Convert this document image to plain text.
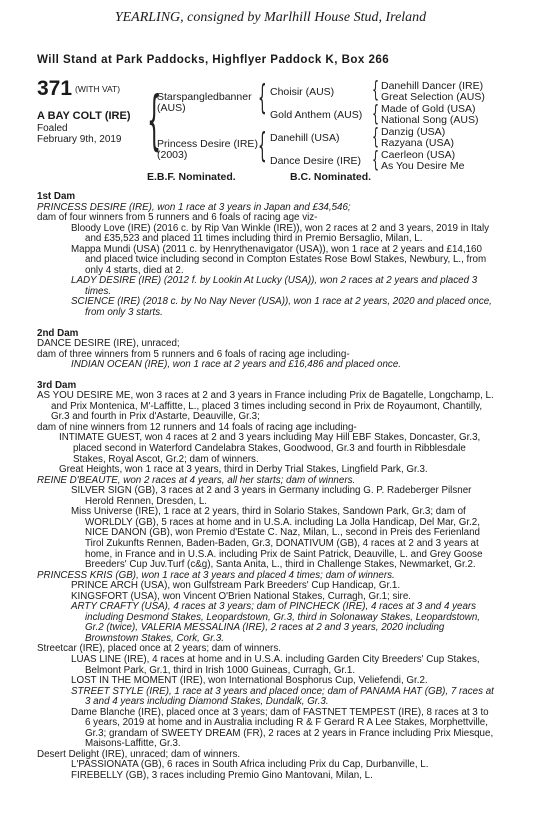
YEARLING, consigned by Marlhill House Stud, Ireland
Will Stand at Park Paddocks, Highflyer Paddock K, Box 266
371 (WITH VAT)
A BAY COLT (IRE)
Foaled
February 9th, 2019 {
Starspangledbanner
(AUS)
Princess Desire (IRE)
(2003)
{
{
Choisir (AUS)
Gold Anthem (AUS)
Danehill (USA)
Dance Desire (IRE)
{
{
{
{
Danehill Dancer (IRE)
Great Selection (AUS)
Made of Gold (USA)
National Song (AUS)
Danzig (USA)
Razyana (USA)
Caerleon (USA)
As You Desire Me
E.B.F. Nominated.	B.C. Nominated.

1st Dam

PRINCESS DESIRE (IRE), won 1 race at 3 years in Japan and £34,546;

dam of four winners from 5 runners and 6 foals of racing age viz-

Bloody Love (IRE) (2016 c. by Rip Van Winkle (IRE)), won 2 races at 2 and 3 years, 2019 in Italy and £35,523 and placed 11 times including third in Premio Bersaglio, Milan, L.

Mappa Mundi (USA) (2011 c. by Henrythenavigator (USA)), won 1 race at 2 years and £14,160 and placed twice including second in Compton Estates Rose Bowl Stakes, Newbury, L., from only 4 starts, died at 2.

LADY DESIRE (IRE) (2012 f. by Lookin At Lucky (USA)), won 2 races at 2 years and placed 3 times.

SCIENCE (IRE) (2018 c. by No Nay Never (USA)), won 1 race at 2 years, 2020 and placed once, from only 3 starts.

2nd Dam

DANCE DESIRE (IRE), unraced;

dam of three winners from 5 runners and 6 foals of racing age including-

INDIAN OCEAN (IRE), won 1 race at 2 years and £16,486 and placed once.

3rd Dam

AS YOU DESIRE ME, won 3 races at 2 and 3 years in France including Prix de Bagatelle, Longchamp, L. and Prix Montenica, M'-Laffitte, L., placed 3 times including second in Prix de Royaumont, Chantilly, Gr.3 and fourth in Prix d'Astarte, Deauville, Gr.3;

dam of nine winners from 12 runners and 14 foals of racing age including-

INTIMATE GUEST, won 4 races at 2 and 3 years including May Hill EBF Stakes, Doncaster, Gr.3, placed second in Waterford Candelabra Stakes, Goodwood, Gr.3 and fourth in Ribblesdale Stakes, Royal Ascot, Gr.2; dam of winners.

Great Heights, won 1 race at 3 years, third in Derby Trial Stakes, Lingfield Park, Gr.3.

REINE D'BEAUTE, won 2 races at 4 years, all her starts; dam of winners.

SILVER SIGN (GB), 3 races at 2 and 3 years in Germany including G. P. Radeberger Pilsner Herold Rennen, Dresden, L.

Miss Universe (IRE), 1 race at 2 years, third in Solario Stakes, Sandown Park, Gr.3; dam of WORLDLY (GB), 5 races at home and in U.S.A. including La Jolla Handicap, Del Mar, Gr.2, NICE DANON (GB), won Premio d'Estate C. Naz, Milan, L., second in Preis des Ferienland Tirol Zukunfts Rennen, Baden-Baden, Gr.3, DONATIVUM (GB), 4 races at 2 and 3 years at home, in France and in U.S.A. including Prix de Saint Patrick, Deauville, L. and Grey Goose Breeders' Cup Juv.Turf (c&g), Santa Anita, L., third in Challenge Stakes, Newmarket, Gr.2.

PRINCESS KRIS (GB), won 1 race at 3 years and placed 4 times; dam of winners.

PRINCE ARCH (USA), won Gulfstream Park Breeders' Cup Handicap, Gr.1.

KINGSFORT (USA), won Vincent O'Brien National Stakes, Curragh, Gr.1; sire.

ARTY CRAFTY (USA), 4 races at 3 years; dam of PINCHECK (IRE), 4 races at 3 and 4 years including Desmond Stakes, Leopardstown, Gr.3, third in Solonaway Stakes, Leopardstown, Gr.2 (twice), VALERIA MESSALINA (IRE), 2 races at 2 and 3 years, 2020 including Brownstown Stakes, Cork, Gr.3.

Streetcar (IRE), placed once at 2 years; dam of winners.

LUAS LINE (IRE), 4 races at home and in U.S.A. including Garden City Breeders' Cup Stakes, Belmont Park, Gr.1, third in Irish 1000 Guineas, Curragh, Gr.1.

LOST IN THE MOMENT (IRE), won International Bosphorus Cup, Veliefendi, Gr.2.

STREET STYLE (IRE), 1 race at 3 years and placed once; dam of PANAMA HAT (GB), 7 races at 3 and 4 years including Diamond Stakes, Dundalk, Gr.3.

Dame Blanche (IRE), placed once at 3 years; dam of FASTNET TEMPEST (IRE), 8 races at 3 to 6 years, 2019 at home and in Australia including R & F Gerard R A Lee Stakes, Morphettville, Gr.3; grandam of SWEETY DREAM (FR), 2 races at 2 years in France including Prix Miesque, Maisons-Laffitte, Gr.3.

Desert Delight (IRE), unraced; dam of winners.

L'PASSIONATA (GB), 6 races in South Africa including Prix du Cap, Durbanville, L.

FIREBELLY (GB), 3 races including Premio Gino Mantovani, Milan, L.
